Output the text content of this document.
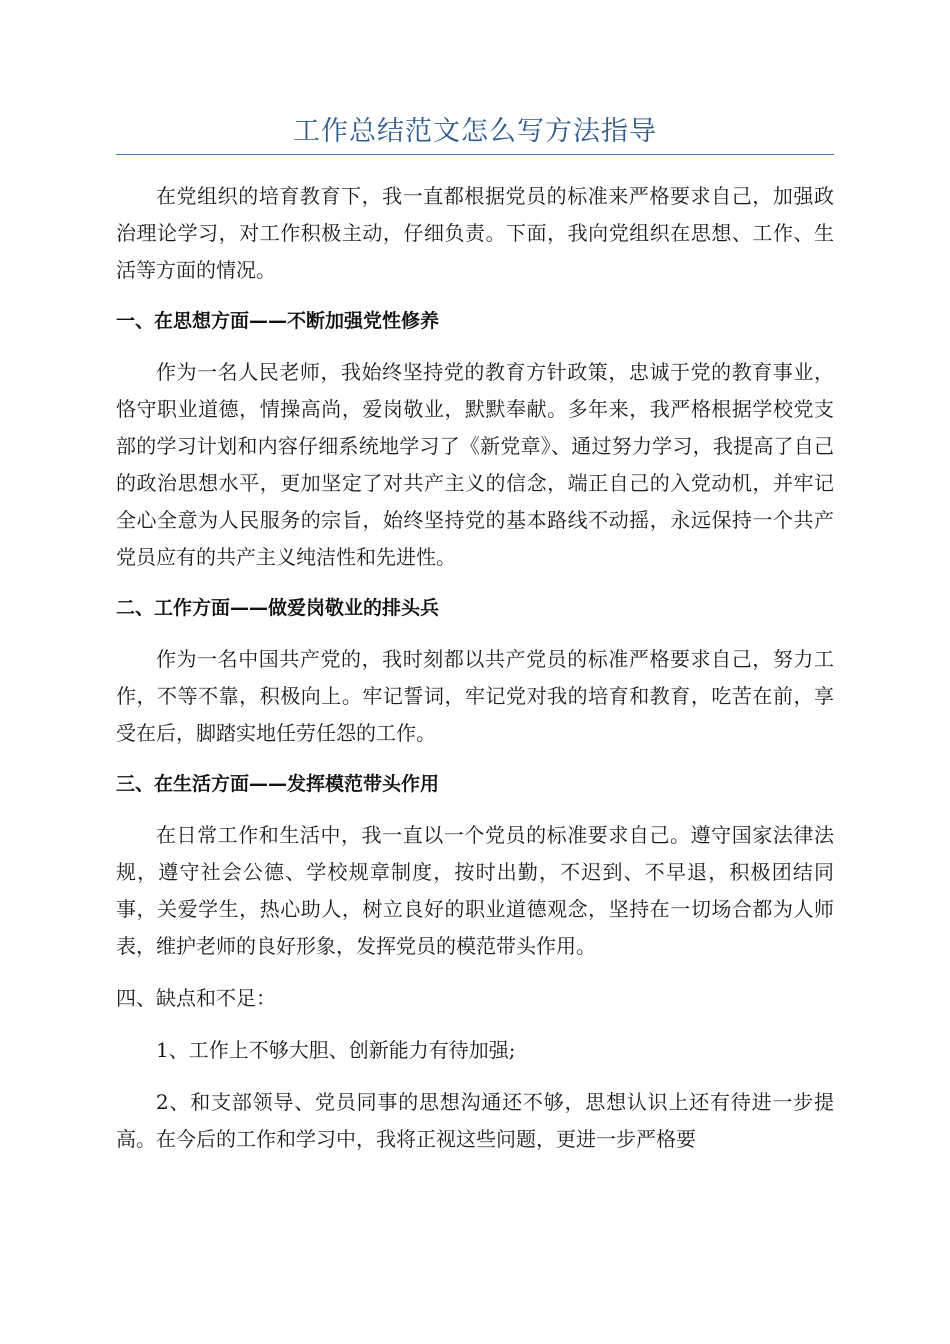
工作总结范文怎么写方法指导

在党组织的培育教育下，我一直都根据党员的标准来严格要求自己，加强政治理论学习，对工作积极主动，仔细负责。下面，我向党组织在思想、工作、生活等方面的情况。

一、在思想方面——不断加强党性修养

作为一名人民老师，我始终坚持党的教育方针政策，忠诚于党的教育事业，恪守职业道德，情操高尚，爱岗敬业，默默奉献。多年来，我严格根据学校党支部的学习计划和内容仔细系统地学习了《新党章》、通过努力学习，我提高了自己的政治思想水平，更加坚定了对共产主义的信念，端正自己的入党动机，并牢记全心全意为人民服务的宗旨，始终坚持党的基本路线不动摇，永远保持一个共产党员应有的共产主义纯洁性和先进性。

二、工作方面——做爱岗敬业的排头兵

作为一名中国共产党的，我时刻都以共产党员的标准严格要求自己，努力工作，不等不靠，积极向上。牢记誓词，牢记党对我的培育和教育，吃苦在前，享受在后，脚踏实地任劳任怨的工作。

三、在生活方面——发挥模范带头作用

在日常工作和生活中，我一直以一个党员的标准要求自己。遵守国家法律法规，遵守社会公德、学校规章制度，按时出勤，不迟到、不早退，积极团结同事，关爱学生，热心助人，树立良好的职业道德观念，坚持在一切场合都为人师表，维护老师的良好形象，发挥党员的模范带头作用。

四、缺点和不足：

1、工作上不够大胆、创新能力有待加强;

2、和支部领导、党员同事的思想沟通还不够，思想认识上还有待进一步提高。在今后的工作和学习中，我将正视这些问题，更进一步严格要
